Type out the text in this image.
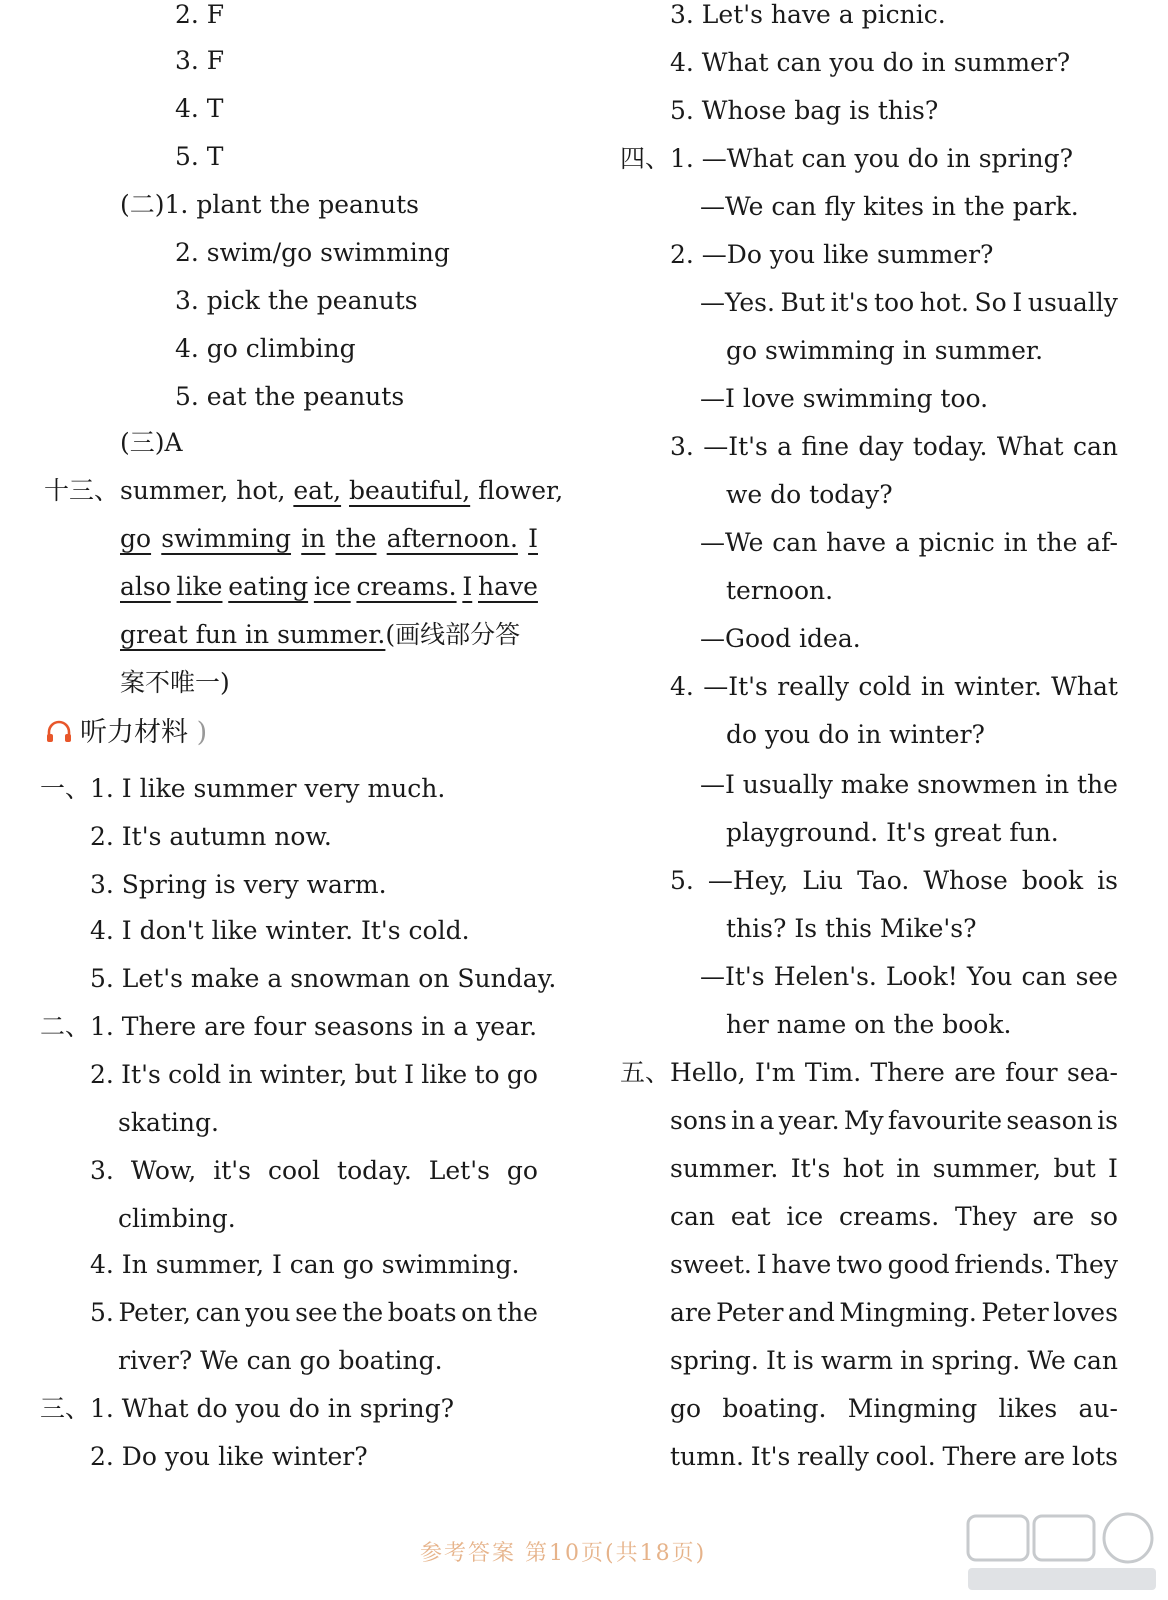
2. F
3. F
4. T
5. T
(二)1. plant the peanuts
2. swim/go swimming
3. pick the peanuts
4. go climbing
5. eat the peanuts
(三)A
十三、 summer, hot, eat, beautiful, flower,
go swimming in the afternoon. I
also like eating ice creams. I have
great fun in summer.(画线部分答
案不唯一)
听力材料 )
一、 1. I like summer very much.
2. It's autumn now.
3. Spring is very warm.
4. I don't like winter. It's cold.
5. Let's make a snowman on Sunday.
二、 1. There are four seasons in a year.
2. It's cold in winter, but I like to go
skating.
3. Wow, it's cool today. Let's go
climbing.
4. In summer, I can go swimming.
5. Peter, can you see the boats on the
river? We can go boating.
三、 1. What do you do in spring?
2. Do you like winter?
3. Let's have a picnic.
4. What can you do in summer?
5. Whose bag is this?
四、 1. —What can you do in spring?
—We can fly kites in the park.
2. —Do you like summer?
—Yes. But it's too hot. So I usually
go swimming in summer.
—I love swimming too.
3. —It's a fine day today. What can
we do today?
—We can have a picnic in the af-
ternoon.
—Good idea.
4. —It's really cold in winter. What
do you do in winter?
—I usually make snowmen in the
playground. It's great fun.
5. —Hey, Liu Tao. Whose book is
this? Is this Mike's?
—It's Helen's. Look! You can see
her name on the book.
五、 Hello, I'm Tim. There are four sea-
sons in a year. My favourite season is
summer. It's hot in summer, but I
can eat ice creams. They are so
sweet. I have two good friends. They
are Peter and Mingming. Peter loves
spring. It is warm in spring. We can
go boating. Mingming likes au-
tumn. It's really cool. There are lots
参考答案 第10页(共18页)
